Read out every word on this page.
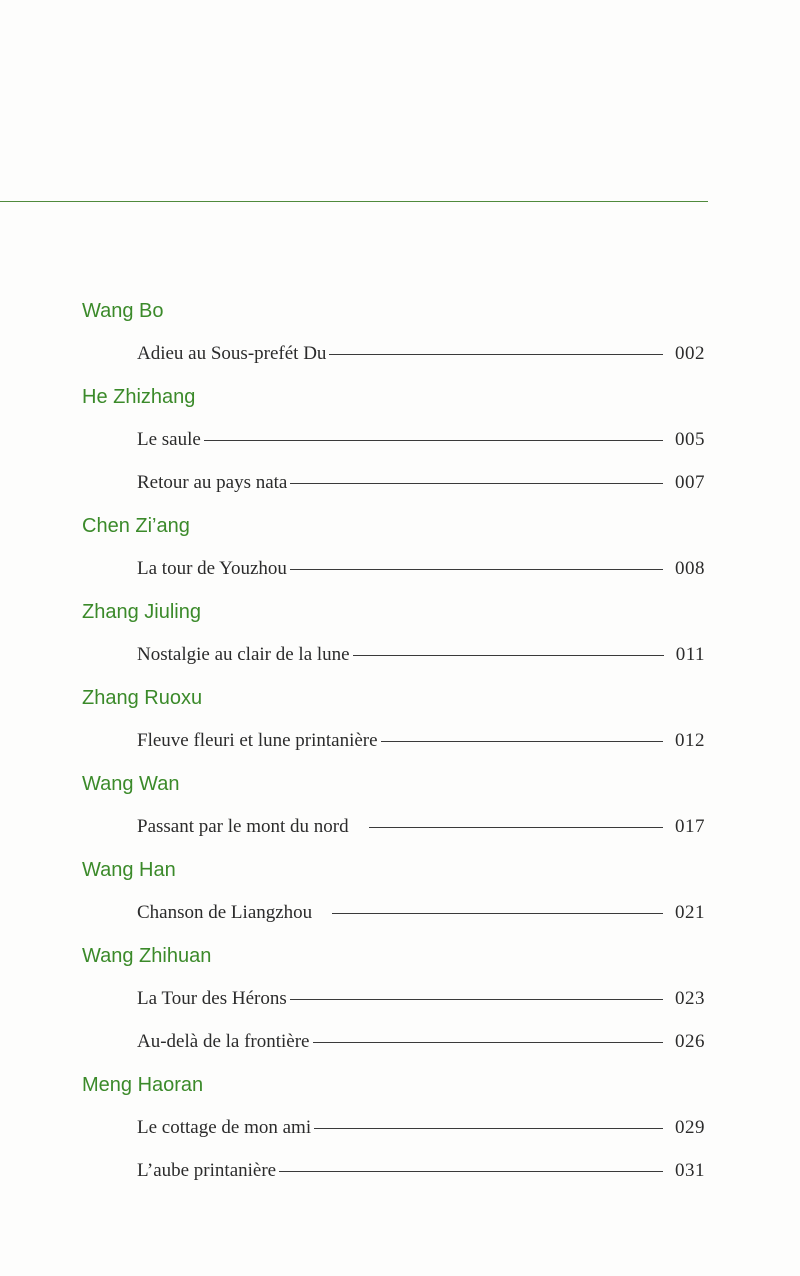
Wang Bo
Adieu au Sous-prefét Du	002
He Zhizhang
Le saule	005
Retour au pays nata	007
Chen Zi’ang
La tour de Youzhou	008
Zhang Jiuling
Nostalgie au clair de la lune	011
Zhang Ruoxu
Fleuve fleuri et lune printanière	012
Wang Wan
Passant par le mont du nord	017
Wang Han
Chanson de Liangzhou	021
Wang Zhihuan
La Tour des Hérons	023
Au-delà de la frontière	026
Meng Haoran
Le cottage de mon ami	029
L’aube printanière	031
